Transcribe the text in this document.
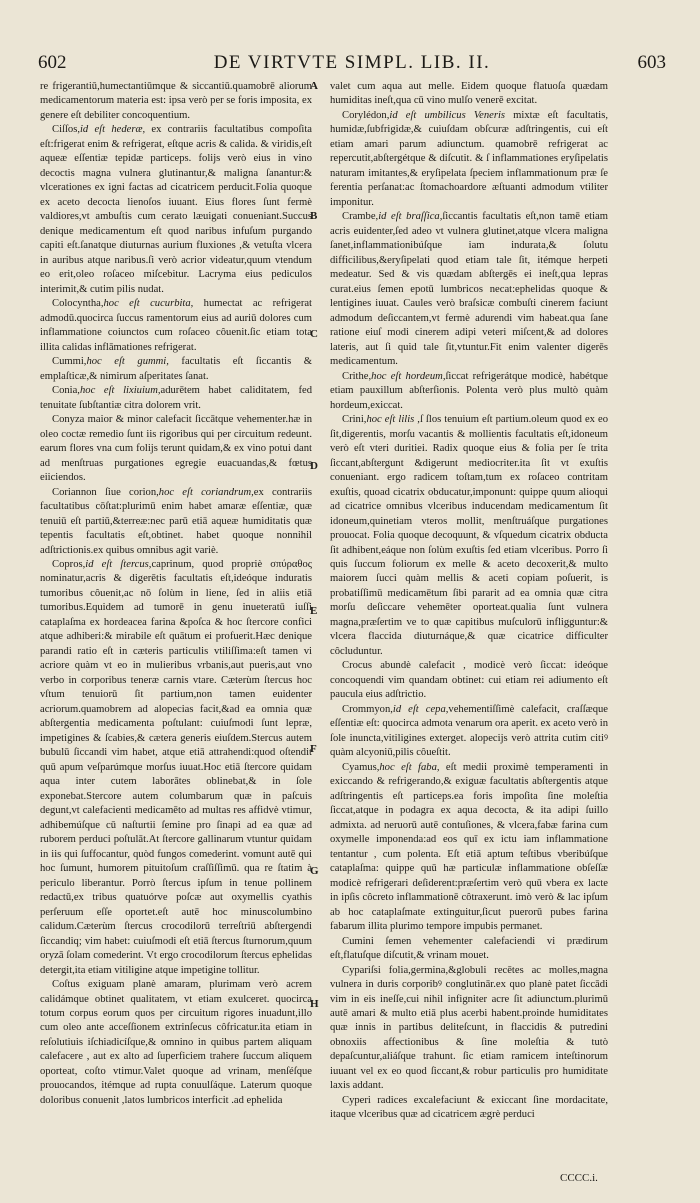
602	DE VIRTVTE SIMPL. LIB. II.	603

re frigerantiū,humectantiūmque & siccantiū.quamobrē aliorum medicamentorum materia est: ipsa verò per se foris imposita, ex genere eſt debiliter concoquentium.

Ciſſos,id eſt hederæ, ex contrariis facultatibus compoſita eſt:frigerat enim & refrigerat, eſtque acris & calida. & viridis,eſt aqueæ eſſentiæ tepidæ particeps. folijs verò eius in vino decoctis magna vulnera glutinantur,& maligna ſanantur:& vlcerationes ex igni factas ad cicatricem perducit.Folia quoque ex aceto decocta lienoſos iuuant. Eius flores ſunt fermè valdiores,vt ambuſtis cum cerato læuigati conueniant.Succus denique medicamentum eſt quod naribus infuſum purgando capiti eſt.ſanatque diuturnas aurium fluxiones ,& vetuſta vlcera in auribus atque naribus.ſi verò acrior videatur,quum vtendum eo erit,oleo roſaceo miſcebitur. Lacryma eius pediculos interimit,& cutim pilis nudat.

Colocyntha,hoc eſt cucurbita, humectat ac refrigerat admodū.quocirca ſuccus ramentorum eius ad auriū dolores cum inflammatione coiunctos cum roſaceo côuenit.ſic etiam tota illita calidas inflāmationes refrigerat.

Cummi,hoc eſt gummi, facultatis eſt ſiccantis & emplaſticæ,& nimirum aſperitates ſanat.

Conia,hoc eſt lixiuium,adurētem habet caliditatem, fed tenuitate ſubſtantiæ citra dolorem vrit.

Conyza maior & minor calefacit ſiccātque vehementer.hæ in oleo coctæ remedio ſunt iis rigoribus qui per circuitum redeunt. earum flores vna cum folijs terunt quidam,& ex vino potui dant ad menſtruas purgationes egregie euacuandas,& fœtus eiiciendos.

Coriannon ſiue corion,hoc eſt coriandrum,ex contrariis facultatibus cōſtat:plurimū enim habet amaræ eſſentiæ, quæ tenuiū eſt partiū,&terreæ:nec parū etiā aqueæ humiditatis quæ tepentis facultatis eſt,obtinet. habet quoque nonnihil adſtrictionis.ex quibus omnibus agit variè.

Copros,id eſt ſtercus,caprinum, quod propriè σπύραθος nominatur,acris & digerētis facultatis eſt,ideóque induratis tumoribus côuenit,ac nō ſolùm in liene, ſed in aliis etiā tumoribus.Equidem ad tumorē in genu inueteratū iuſſi cataplaſma ex hordeacea farina &poſca & hoc ſtercore confici atque adhiberi:& mirabile eſt quātum ei profuerit.Hæc denique parandi ratio eſt in cæteris particulis vtiliſſima:eſt tamen vi acriore quàm vt eo in mulieribus vrbanis,aut pueris,aut vno verbo in corporibus teneræ carnis vtare. Cæterùm ſtercus hoc vſtum tenuiorū ſit partium,non tamen euidenter acriorum.quamobrem ad alopecias facit,&ad ea omnia quæ abſtergentia medicamenta poſtulant: cuiuſmodi ſunt lepræ, impetigines & ſcabies,& cætera generis eiuſdem.Stercus autem bubulū ſiccandi vim habet, atque etiā attrahendi:quod oſtendit quū apum veſparúmque morſus iuuat.Hoc etiā ſtercore quidam aqua inter cutem laborātes oblinebat,& in ſole exponebat.Stercore autem columbarum quæ in paſcuis degunt,vt calefacienti medicamēto ad multas res affidvè vtimur, adhibemúſque cū naſturtii ſemine pro ſinapi ad ea quæ ad ruborem perduci poſtulāt.At ſtercore gallinarum vtuntur quidam in iis qui ſuffocantur, quòd fungos comederint. vomunt autē qui hoc ſumunt, humorem pituitoſum craſſiſſimū. qua re ſtatim à periculo liberantur. Porrò ſtercus ipſum in tenue pollinem redactū,ex tribus quatuórve poſcæ aut oxymellis cyathis perſeruum eſſe oportet.eſt autē hoc minuscolumbino calidum.Cæterùm ſtercus crocodilorū terreſtriū abſtergendi ſiccandiq; vim habet: cuiuſmodi eſt etiā ſtercus ſturnorum,quum oryzā ſolam comederint. Vt ergo crocodilorum ſtercus ephelidas detergit,ita etiam vitiligine atque impetigine tollitur.

Coſtus exiguam planè amaram, plurimam verò acrem calidámque obtinet qualitatem, vt etiam exulceret. quocirca totum corpus eorum quos per circuitum rigores inuadunt,illo cum oleo ante acceſſionem extrinſecus côfricatur.ita etiam in reſolutiuis iſchiadicíſque,& omnino in quibus partem aliquam calefacere , aut ex alto ad ſuperficiem trahere ſuccum aliquem oporteat, coſto vtimur.Valet quoque ad vrinam, menſéſque prouocandos, itémque ad rupta conuulſáque. Laterum quoque doloribus conuenit ,latos lumbricos interficit .ad ephelida

A
B
C
D
E
F
G
H

valet cum aqua aut melle. Eidem quoque flatuoſa quædam humiditas ineſt,qua cū vino mulſo venerē excitat.

Corylédon,id eſt umbilicus Veneris mixtæ eſt facultatis, humidæ,ſubfrigidæ,& cuiuſdam obſcuræ adſtringentis, cui eſt etiam amari parum adiunctum. quamobrē refrigerat ac repercutit,abſtergétque & diſcutit. & ſ inflammationes eryſipelatis naturam imitantes,& eryſipelata ſpeciem inflammationum præ ſe ferentia perſanat:ac ſtomachoardore æſtuanti admodum vtiliter imponitur.

Crambe,id eſt braſſica,ſiccantis facultatis eſt,non tamē etiam acris euidenter,ſed adeo vt vulnera glutinet,atque vlcera maligna ſanet,inflammationibúſque iam indurata,& ſolutu difficilibus,&eryſipelati quod etiam tale ſit, itémque herpeti medeatur. Sed & vis quædam abſtergēs ei ineſt,qua lepras curat.eius ſemen epotū lumbricos necat:ephelidas quoque & lentigines iuuat. Caules verò braſsicæ combuſti cinerem faciunt admodum deſiccantem,vt fermè adurendi vim habeat.qua ſane ratione eiuſ modi cinerem adipi veteri miſcent,& ad dolores lateris, aut ſi quid tale ſit,vtuntur.Fit enim valenter digerēs medicamentum.

Crithe,hoc eſt hordeum,ſiccat refrigerátque modicè, habétque etiam pauxillum abſterſionis. Polenta verò plus multò quàm hordeum,exiccat.

Crini,hoc eſt lilis ,ſ ſlos tenuium eſt partium.oleum quod ex eo ſit,digerentis, morſu vacantis & mollientis facultatis eſt,idoneum verò eſt vteri duritiei. Radix quoque eius & folia per ſe trita ſiccant,abſtergunt &digerunt mediocriter.ita ſit vt exuſtis conueniant. ergo radicem toſtam,tum ex roſaceo contritam exuſtis, quoad cicatrix obducatur,imponunt: quippe quum alioqui ad cicatrice omnibus vlceribus inducendam medicamentum ſit idoneum,quinetiam vteros mollit, menſtruáſque purgationes prouocat. Folia quoque decoquunt, & vſquedum cicatrix obducta ſit adhibent,eáque non ſolùm exuſtis ſed etiam vlceribus. Porro ſi quis ſuccum foliorum ex melle & aceto decoxerit,& multo maiorem ſucci quàm mellis & aceti copiam poſuerit, is probatiſſimū medicamētum ſibi pararit ad ea omnia quæ citra morſu deſiccare vehemēter oporteat.qualia ſunt vulnera magna,præſertim ve to quæ capitibus muſculorū infligguntur:& vlcera flaccida diuturnáque,& quæ cicatrice difficulter côcluduntur.

Crocus abundè calefacit , modicè verò ſiccat: ideóque concoquendi vim quandam obtinet: cui etiam rei adiumento eſt paucula eius adſtrictio.

Crommyon,id eſt cepa,vehementiſſimè calefacit, craſſæque eſſentiæ eſt: quocirca admota venarum ora aperit. ex aceto verò in ſole inuncta,vitiligines exterget. alopecijs verò attrita cutim citiꝰ quàm alcyoniū,pilis côueſtit.

Cyamus,hoc eſt faba, eſt medii proximè temperamenti in exiccando & refrigerando,& exiguæ facultatis abſtergentis atque adſtringentis eſt particeps.ea foris impoſita ſine moleſtia ſiccat,atque in podagra ex aqua decocta, & ita adipi ſuillo admixta. ad neruorū autē contuſiones, & vlcera,fabæ farina cum oxymelle imponenda:ad eos quī ex ictu iam inflammatione tentantur , cum polenta. Eſt etiā aptum teſtibus vberibúſque cataplaſma: quippe quū hæ particulæ inflammatione obſeſſæ modicè refrigerari deſiderent:præſertim verò quū vbera ex lacte in ipſis côcreto inflammationē côtraxerunt. imò verò & lac ipſum ab hoc cataplaſmate extinguitur,ſicut puerorū pubes farina fabarum illita plurimo tempore impubis permanet.

Cumini ſemen vehementer calefaciendi vi prædirum eſt,flatuſque diſcutit,& vrinam mouet.

Cypariſsi folia,germina,&globuli recētes ac molles,magna vulnera in duris corporibꝰ conglutinār.ex quo planè patet ſiccādi vim in eis ineſſe,cui nihil infigniter acre ſit adiunctum.plurimū autē amari & multo etiā plus acerbi habent.proinde humiditates quæ innis in partibus deliteſcunt, in flaccidis & putredini obnoxiis affectionibus & ſine moleſtia & tutò depaſcuntur,aliáſque trahunt. ſic etiam ramicem inteſtinorum iuuant vel ex eo quod ſiccant,& robur particulis pro humiditate laxis addant.

Cyperi radices excalefaciunt & exiccant ſine mordacitate, itaque vlceribus quæ ad cicatricem ægrè perduci

CCCC.i.
